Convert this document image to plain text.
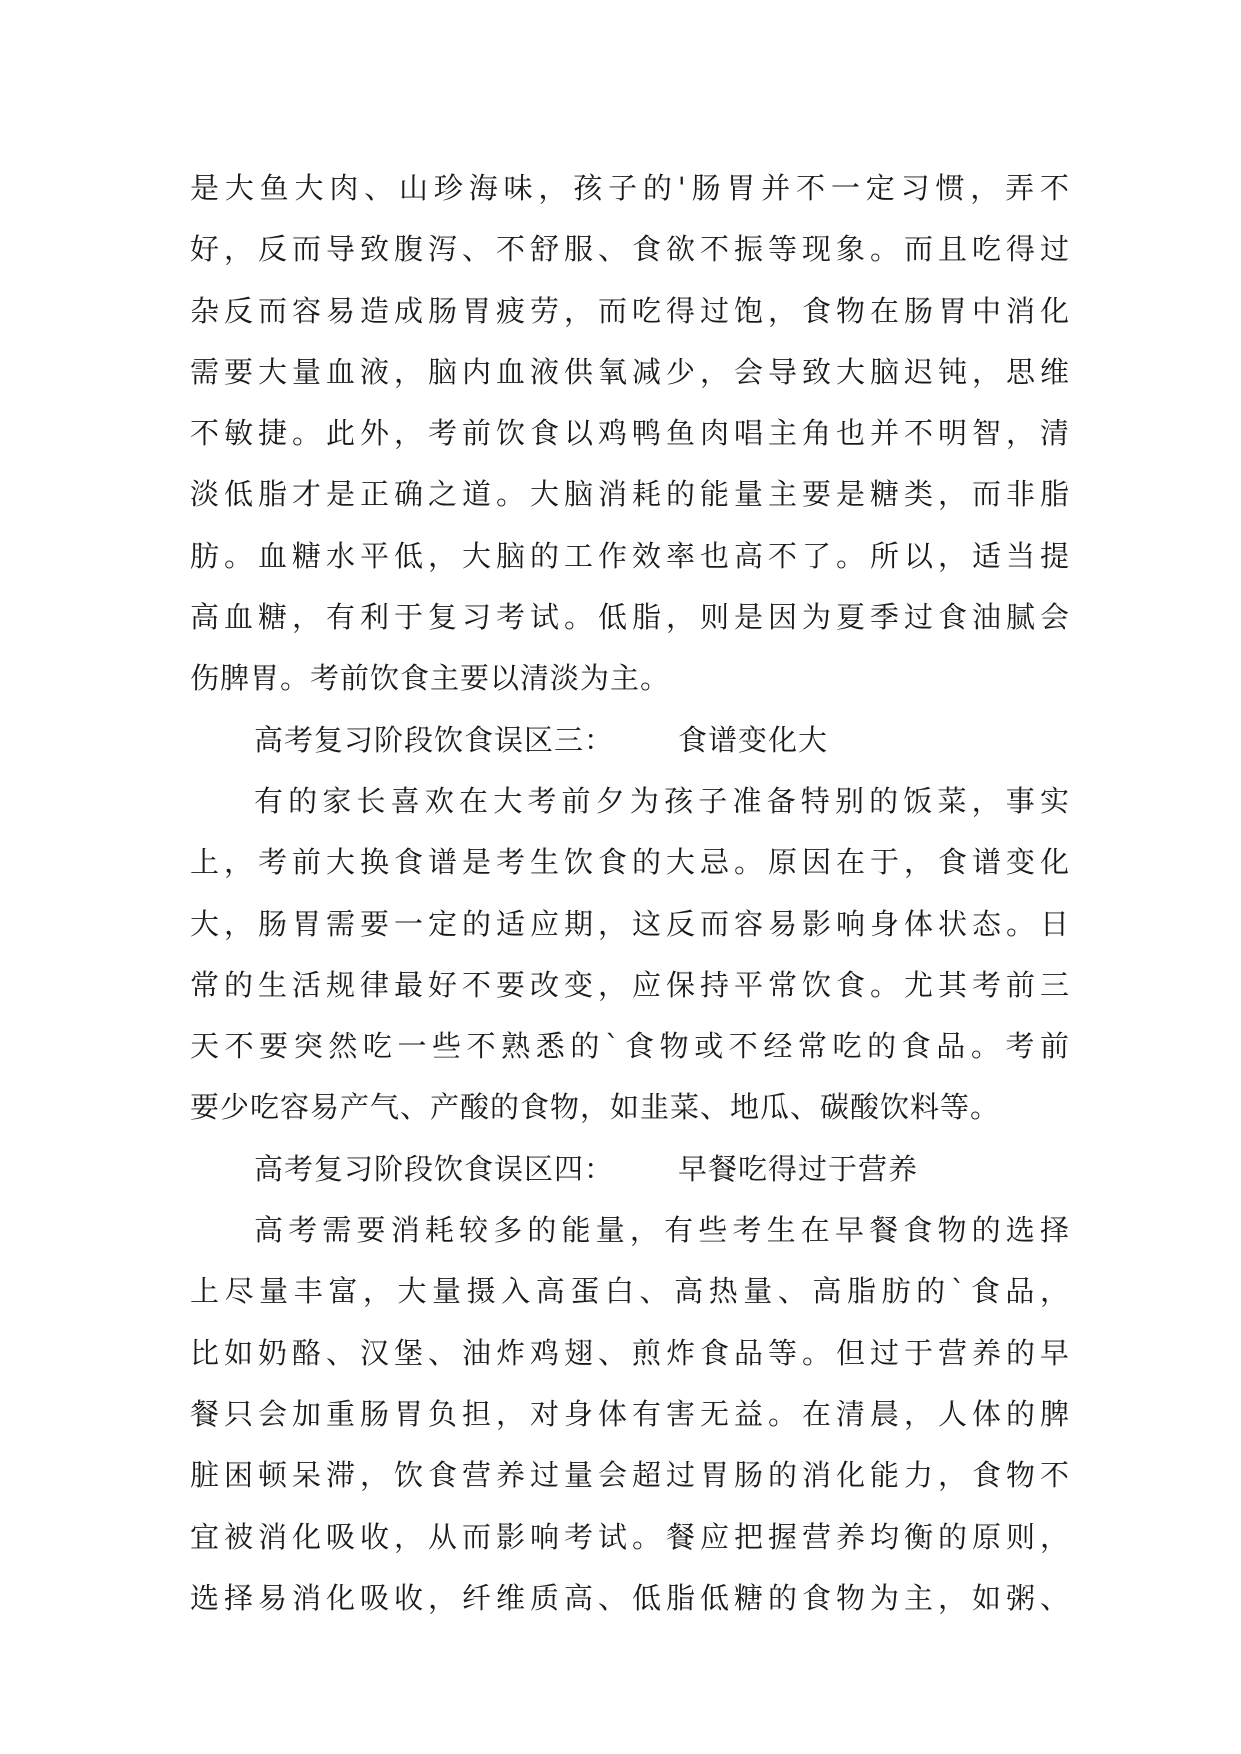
是大鱼大肉、山珍海味，孩子的'肠胃并不一定习惯，弄不
好，反而导致腹泻、不舒服、食欲不振等现象。而且吃得过
杂反而容易造成肠胃疲劳，而吃得过饱，食物在肠胃中消化
需要大量血液，脑内血液供氧减少，会导致大脑迟钝，思维
不敏捷。此外，考前饮食以鸡鸭鱼肉唱主角也并不明智，清
淡低脂才是正确之道。大脑消耗的能量主要是糖类，而非脂
肪。血糖水平低，大脑的工作效率也高不了。所以，适当提
高血糖，有利于复习考试。低脂，则是因为夏季过食油腻会
伤脾胃。考前饮食主要以清淡为主。
高考复习阶段饮食误区三： 食谱变化大
有的家长喜欢在大考前夕为孩子准备特别的饭菜，事实
上，考前大换食谱是考生饮食的大忌。原因在于，食谱变化
大，肠胃需要一定的适应期，这反而容易影响身体状态。日
常的生活规律最好不要改变，应保持平常饮食。尤其考前三
天不要突然吃一些不熟悉的`食物或不经常吃的食品。考前
要少吃容易产气、产酸的食物，如韭菜、地瓜、碳酸饮料等。
高考复习阶段饮食误区四： 早餐吃得过于营养
高考需要消耗较多的能量，有些考生在早餐食物的选择
上尽量丰富，大量摄入高蛋白、高热量、高脂肪的`食品，
比如奶酪、汉堡、油炸鸡翅、煎炸食品等。但过于营养的早
餐只会加重肠胃负担，对身体有害无益。在清晨，人体的脾
脏困顿呆滞，饮食营养过量会超过胃肠的消化能力，食物不
宜被消化吸收，从而影响考试。餐应把握营养均衡的原则，
选择易消化吸收，纤维质高、低脂低糖的食物为主，如粥、
